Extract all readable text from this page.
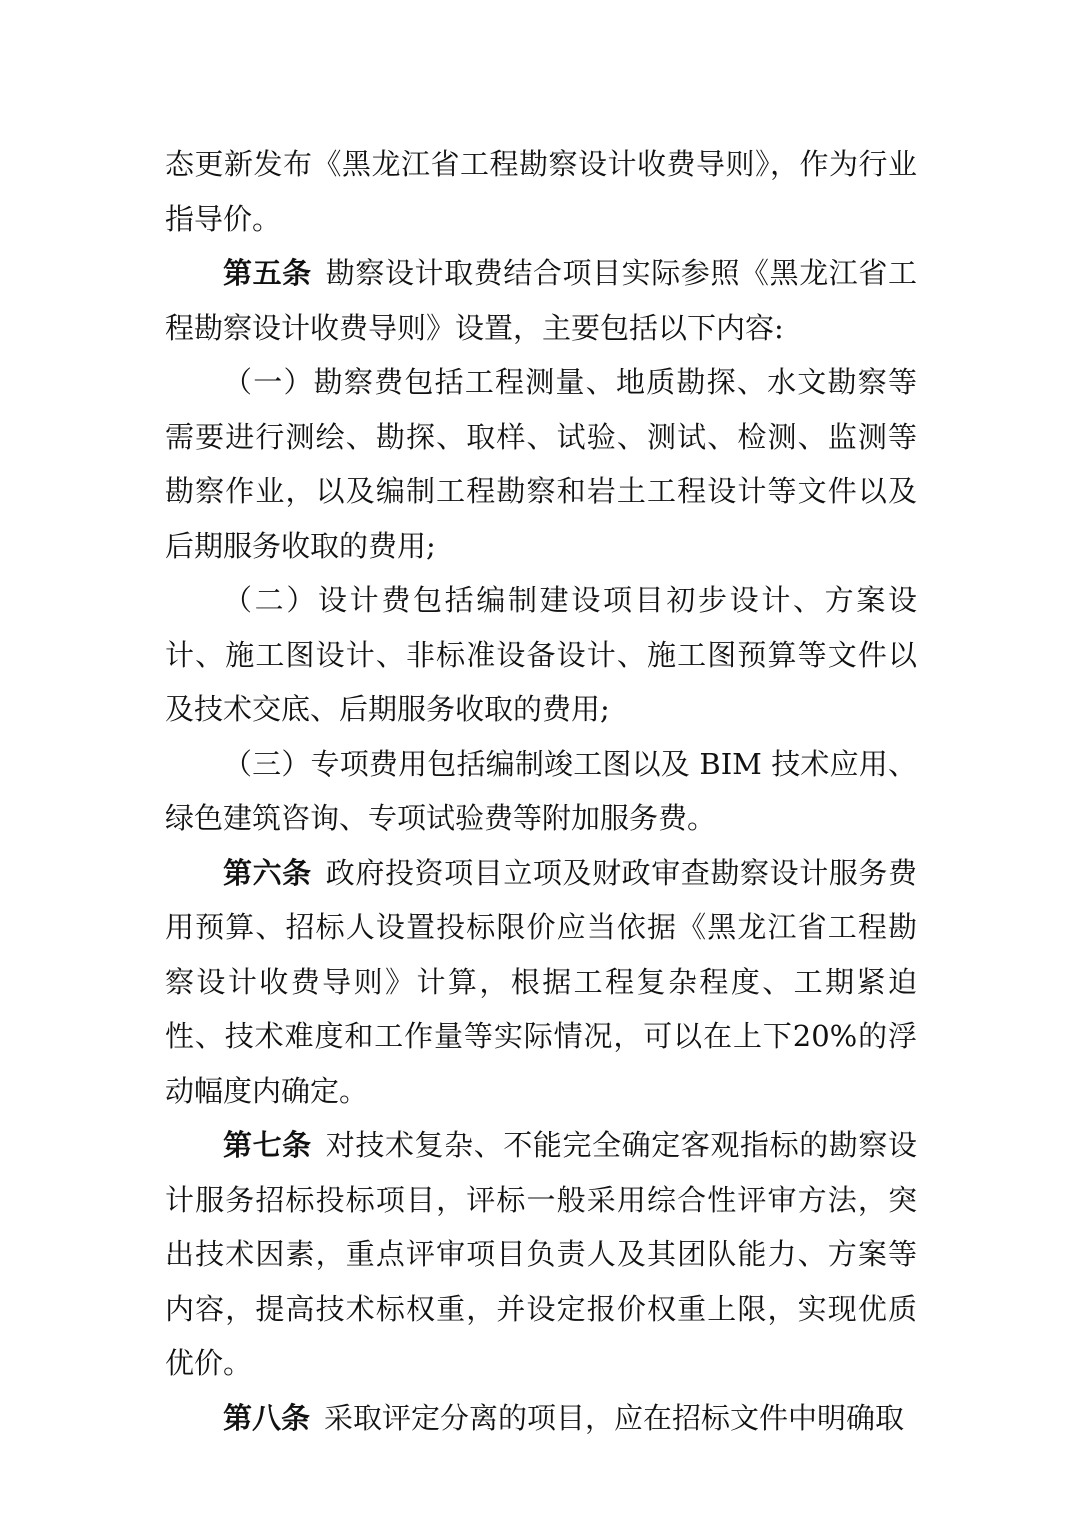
态更新发布《黑龙江省工程勘察设计收费导则》，作为行业指导价。

第五条 勘察设计取费结合项目实际参照《黑龙江省工程勘察设计收费导则》设置，主要包括以下内容:

（一）勘察费包括工程测量、地质勘探、水文勘察等需要进行测绘、勘探、取样、试验、测试、检测、监测等勘察作业，以及编制工程勘察和岩土工程设计等文件以及后期服务收取的费用;

（二）设计费包括编制建设项目初步设计、方案设计、施工图设计、非标准设备设计、施工图预算等文件以及技术交底、后期服务收取的费用;

（三）专项费用包括编制竣工图以及 BIM 技术应用、绿色建筑咨询、专项试验费等附加服务费。

第六条 政府投资项目立项及财政审查勘察设计服务费用预算、招标人设置投标限价应当依据《黑龙江省工程勘察设计收费导则》计算，根据工程复杂程度、工期紧迫性、技术难度和工作量等实际情况，可以在上下20%的浮动幅度内确定。

第七条 对技术复杂、不能完全确定客观指标的勘察设计服务招标投标项目，评标一般采用综合性评审方法，突出技术因素，重点评审项目负责人及其团队能力、方案等内容，提高技术标权重，并设定报价权重上限，实现优质优价。

第八条 采取评定分离的项目，应在招标文件中明确取
